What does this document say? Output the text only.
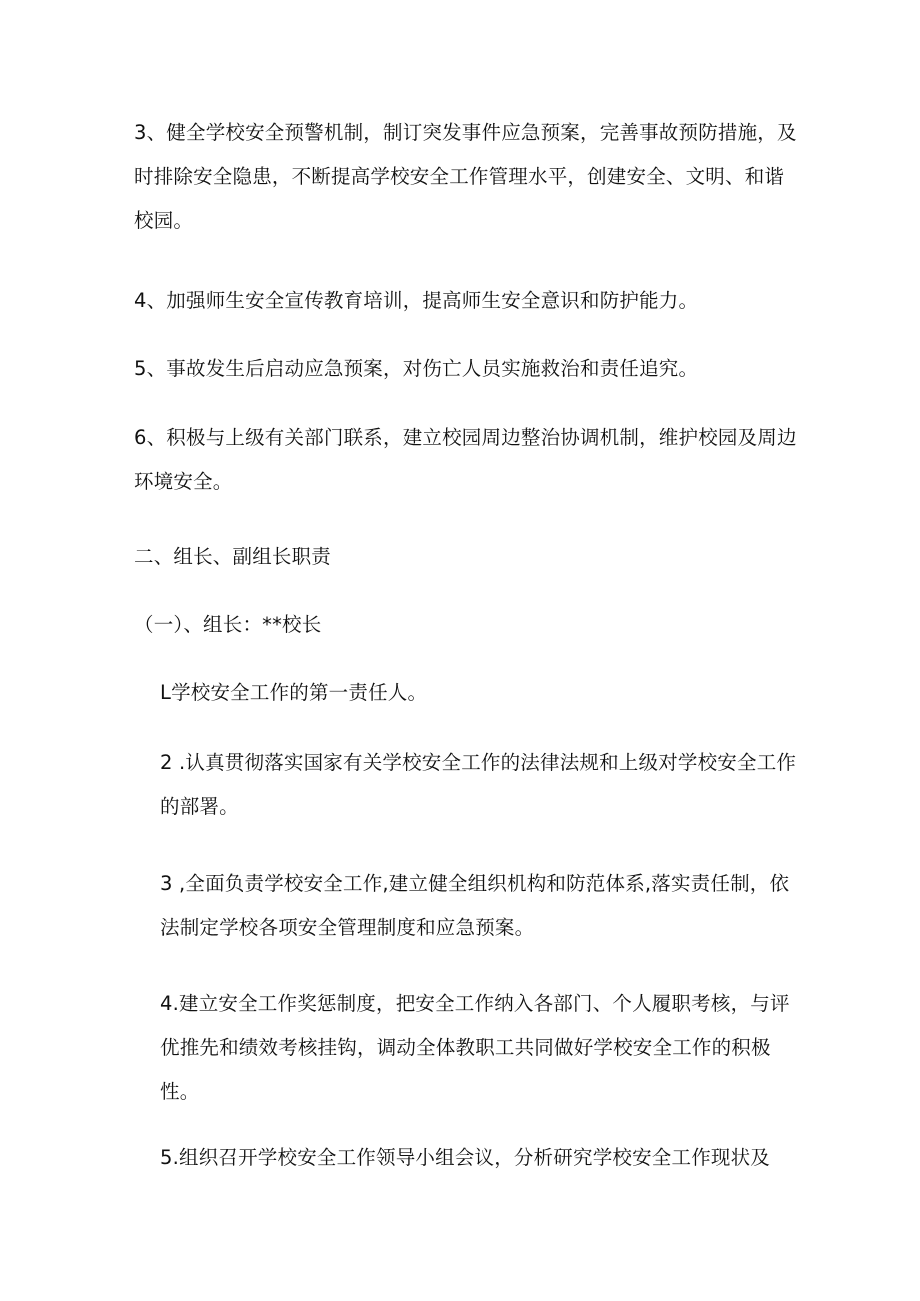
3、健全学校安全预警机制，制订突发事件应急预案，完善事故预防措施，及时排除安全隐患，不断提高学校安全工作管理水平，创建安全、文明、和谐校园。

4、加强师生安全宣传教育培训，提高师生安全意识和防护能力。

5、事故发生后启动应急预案，对伤亡人员实施救治和责任追究。

6、积极与上级有关部门联系，建立校园周边整治协调机制，维护校园及周边环境安全。

二、组长、副组长职责

（一）、组长：**校长

L学校安全工作的第一责任人。

2 .认真贯彻落实国家有关学校安全工作的法律法规和上级对学校安全工作的部署。

3 ,全面负责学校安全工作,建立健全组织机构和防范体系,落实责任制，依法制定学校各项安全管理制度和应急预案。

4.建立安全工作奖惩制度，把安全工作纳入各部门、个人履职考核，与评优推先和绩效考核挂钩，调动全体教职工共同做好学校安全工作的积极性。

5.组织召开学校安全工作领导小组会议，分析研究学校安全工作现状及
